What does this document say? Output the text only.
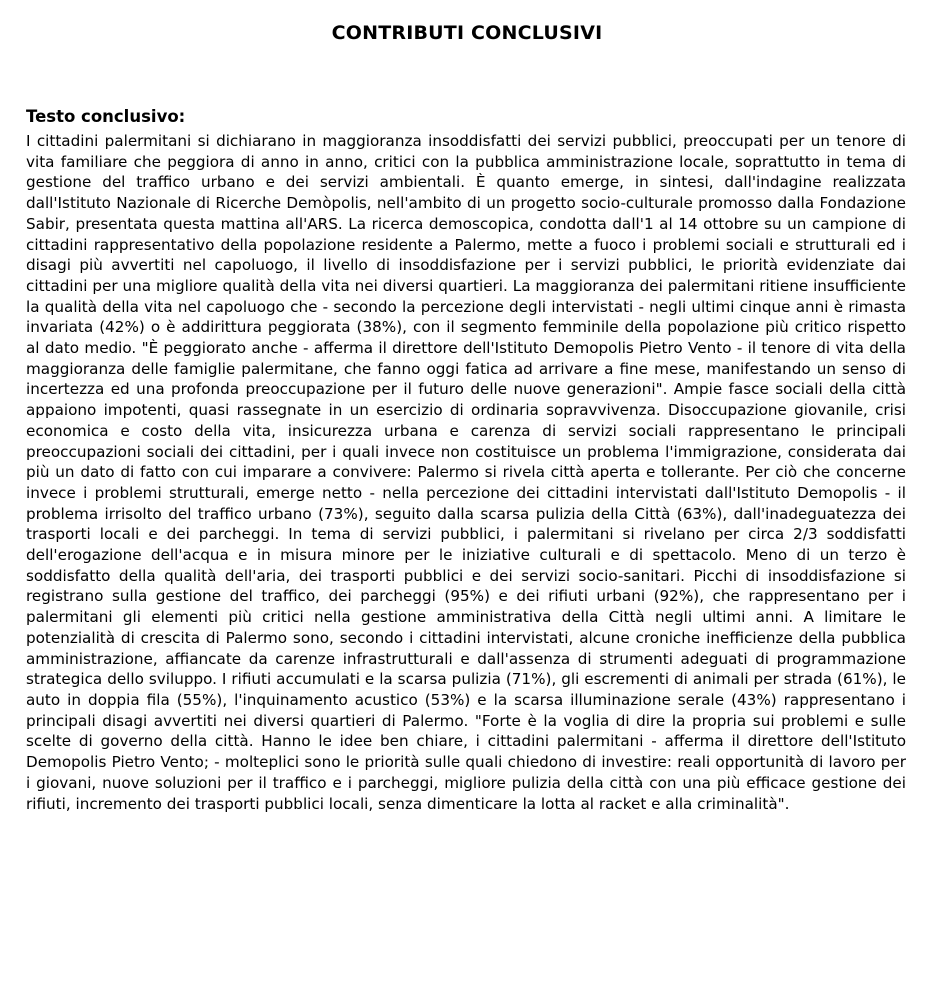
CONTRIBUTI CONCLUSIVI
Testo conclusivo:

I cittadini palermitani si dichiarano in maggioranza insoddisfatti dei servizi pubblici, preoccupati per un tenore di vita familiare che peggiora di anno in anno, critici con la pubblica amministrazione locale, soprattutto in tema di gestione del traffico urbano e dei servizi ambientali. È quanto emerge, in sintesi, dall'indagine realizzata dall'Istituto Nazionale di Ricerche Demòpolis, nell'ambito di un progetto socio-culturale promosso dalla Fondazione Sabir, presentata questa mattina all'ARS. La ricerca demoscopica, condotta dall'1 al 14 ottobre su un campione di cittadini rappresentativo della popolazione residente a Palermo, mette a fuoco i problemi sociali e strutturali ed i disagi più avvertiti nel capoluogo, il livello di insoddisfazione per i servizi pubblici, le priorità evidenziate dai cittadini per una migliore qualità della vita nei diversi quartieri. La maggioranza dei palermitani ritiene insufficiente la qualità della vita nel capoluogo che - secondo la percezione degli intervistati - negli ultimi cinque anni è rimasta invariata (42%) o è addirittura peggiorata (38%), con il segmento femminile della popolazione più critico rispetto al dato medio. "È peggiorato anche - afferma il direttore dell'Istituto Demopolis Pietro Vento - il tenore di vita della maggioranza delle famiglie palermitane, che fanno oggi fatica ad arrivare a fine mese, manifestando un senso di incertezza ed una profonda preoccupazione per il futuro delle nuove generazioni". Ampie fasce sociali della città appaiono impotenti, quasi rassegnate in un esercizio di ordinaria sopravvivenza. Disoccupazione giovanile, crisi economica e costo della vita, insicurezza urbana e carenza di servizi sociali rappresentano le principali preoccupazioni sociali dei cittadini, per i quali invece non costituisce un problema l'immigrazione, considerata dai più un dato di fatto con cui imparare a convivere: Palermo si rivela città aperta e tollerante. Per ciò che concerne invece i problemi strutturali, emerge netto - nella percezione dei cittadini intervistati dall'Istituto Demopolis - il problema irrisolto del traffico urbano (73%), seguito dalla scarsa pulizia della Città (63%), dall'inadeguatezza dei trasporti locali e dei parcheggi. In tema di servizi pubblici, i palermitani si rivelano per circa 2/3 soddisfatti dell'erogazione dell'acqua e in misura minore per le iniziative culturali e di spettacolo. Meno di un terzo è soddisfatto della qualità dell'aria, dei trasporti pubblici e dei servizi socio-sanitari. Picchi di insoddisfazione si registrano sulla gestione del traffico, dei parcheggi (95%) e dei rifiuti urbani (92%), che rappresentano per i palermitani gli elementi più critici nella gestione amministrativa della Città negli ultimi anni. A limitare le potenzialità di crescita di Palermo sono, secondo i cittadini intervistati, alcune croniche inefficienze della pubblica amministrazione, affiancate da carenze infrastrutturali e dall'assenza di strumenti adeguati di programmazione strategica dello sviluppo. I rifiuti accumulati e la scarsa pulizia (71%), gli escrementi di animali per strada (61%), le auto in doppia fila (55%), l'inquinamento acustico (53%) e la scarsa illuminazione serale (43%) rappresentano i principali disagi avvertiti nei diversi quartieri di Palermo. "Forte è la voglia di dire la propria sui problemi e sulle scelte di governo della città. Hanno le idee ben chiare, i cittadini palermitani - afferma il direttore dell'Istituto Demopolis Pietro Vento; - molteplici sono le priorità sulle quali chiedono di investire: reali opportunità di lavoro per i giovani, nuove soluzioni per il traffico e i parcheggi, migliore pulizia della città con una più efficace gestione dei rifiuti, incremento dei trasporti pubblici locali, senza dimenticare la lotta al racket e alla criminalità".
